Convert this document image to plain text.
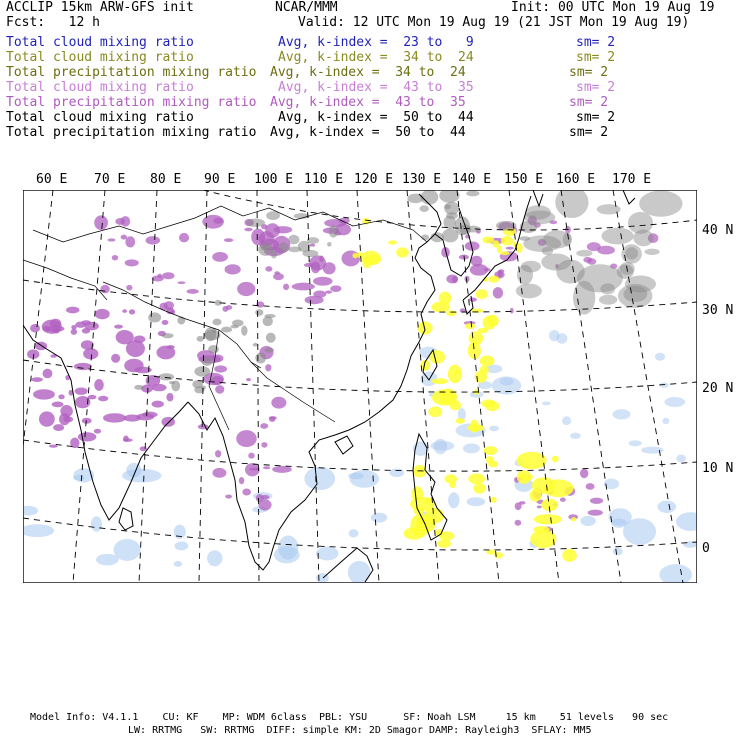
ACCLIP 15km ARW-GFS init	NCAR/MMM	Init: 00 UTC Mon 19 Aug 19
Fcst:   12 h	Valid: 12 UTC Mon 19 Aug 19 (21 JST Mon 19 Aug 19)
Total cloud mixing ratio	Avg, k-index =  23 to   9	sm= 2
Total cloud mixing ratio	Avg, k-index =  34 to  24	sm= 2
Total precipitation mixing ratio Avg, k-index =  34 to  24	sm= 2
Total cloud mixing ratio	Avg, k-index =  43 to  35	sm= 2
Total precipitation mixing ratio Avg, k-index =  43 to  35	sm= 2
Total cloud mixing ratio	Avg, k-index =  50 to  44	sm= 2
Total precipitation mixing ratio Avg, k-index =  50 to  44	sm= 2
60 E 70 E 80 E 90 E 100 E 110 E 120 E 130 E 140 E 150 E 160 E 170 E
40 N
30 N
20 N
10 N
0
Model Info: V4.1.1    CU: KF    MP: WDM 6class  PBL: YSU      SF: Noah LSM     15 km    51 levels   90 sec
LW: RRTMG   SW: RRTMG  DIFF: simple KM: 2D Smagor DAMP: Rayleigh3  SFLAY: MM5
